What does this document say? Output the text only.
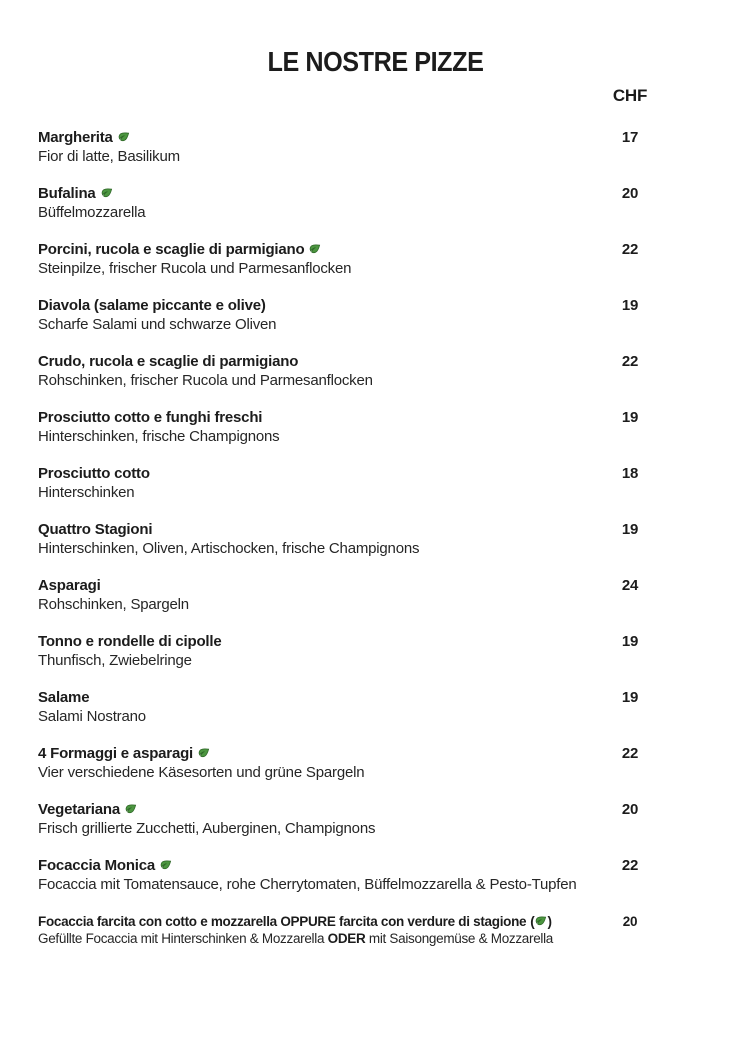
LE NOSTRE PIZZE
CHF
Margherita
Fior di latte, Basilikum
17
Bufalina
Büffelmozzarella
20
Porcini, rucola e scaglie di parmigiano
Steinpilze, frischer Rucola und Parmesanflocken
22
Diavola (salame piccante e olive)
Scharfe Salami und schwarze Oliven
19
Crudo, rucola e scaglie di parmigiano
Rohschinken, frischer Rucola und Parmesanflocken
22
Prosciutto cotto e funghi freschi
Hinterschinken, frische Champignons
19
Prosciutto cotto
Hinterschinken
18
Quattro Stagioni
Hinterschinken, Oliven, Artischocken, frische Champignons
19
Asparagi
Rohschinken, Spargeln
24
Tonno e rondelle di cipolle
Thunfisch, Zwiebelringe
19
Salame
Salami Nostrano
19
4 Formaggi e asparagi
Vier verschiedene Käsesorten und grüne Spargeln
22
Vegetariana
Frisch grillierte Zucchetti, Auberginen, Champignons
20
Focaccia Monica
Focaccia mit Tomatensauce, rohe Cherrytomaten, Büffelmozzarella & Pesto-Tupfen
22
Focaccia farcita con cotto e mozzarella OPPURE farcita con verdure di stagione ( )
Gefüllte Focaccia mit Hinterschinken & Mozzarella ODER mit Saisongemüse & Mozzarella
20
